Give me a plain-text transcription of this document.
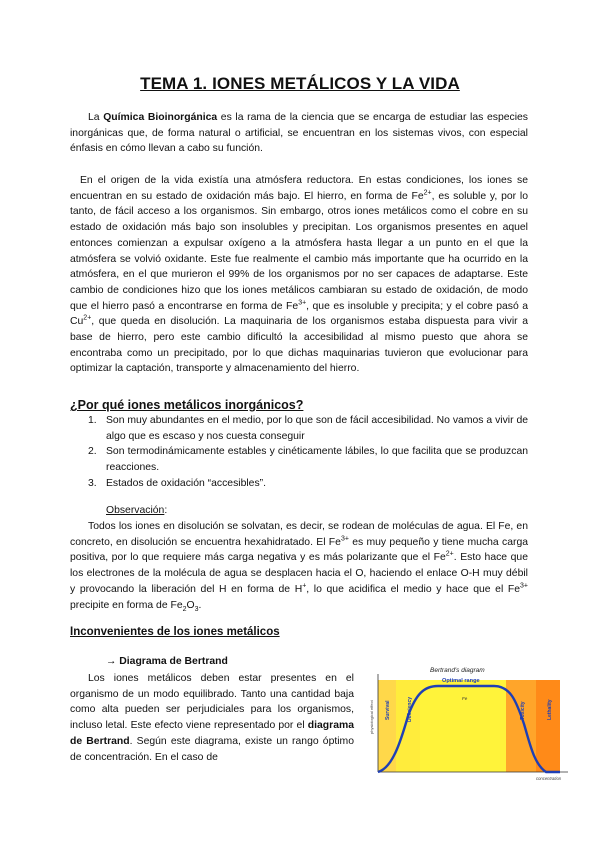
TEMA 1. IONES METÁLICOS Y LA VIDA

La Química Bioinorgánica es la rama de la ciencia que se encarga de estudiar las especies inorgánicas que, de forma natural o artificial, se encuentran en los sistemas vivos, con especial énfasis en cómo llevan a cabo su función.

En el origen de la vida existía una atmósfera reductora. En estas condiciones, los iones se encuentran en su estado de oxidación más bajo. El hierro, en forma de $Fe^{2+}$, es soluble y, por lo tanto, de fácil acceso a los organismos. Sin embargo, otros iones metálicos como el cobre en su estado de oxidación más bajo son insolubles y precipitan. Los organismos presentes en aquel entonces comienzan a expulsar oxígeno a la atmósfera hasta llegar a un punto en el que la atmósfera se volvió oxidante. Este fue realmente el cambio más importante que ha ocurrido en la atmósfera, en el que murieron el 99% de los organismos por no ser capaces de adaptarse. Este cambio de condiciones hizo que los iones metálicos cambiaran su estado de oxidación, de modo que el hierro pasó a encontrarse en forma de $Fe^{3+}$, que es insoluble y precipita; y el cobre pasó a $Cu^{2+}$, que queda en disolución. La maquinaria de los organismos estaba dispuesta para vivir a base de hierro, pero este cambio dificultó la accesibilidad al mismo puesto que ahora se encontraba como un precipitado, por lo que dichas maquinarias tuvieron que evolucionar para optimizar la captación, transporte y almacenamiento del hierro.

¿Por qué iones metálicos inorgánicos?
1. Son muy abundantes en el medio, por lo que son de fácil accesibilidad. No vamos a vivir de algo que es escaso y nos cuesta conseguir
2. Son termodinámicamente estables y cinéticamente lábiles, lo que facilita que se produzcan reacciones.
3. Estados de oxidación “accesibles”.
Observación:

Todos los iones en disolución se solvatan, es decir, se rodean de moléculas de agua. El Fe, en concreto, en disolución se encuentra hexahidratado. El $Fe^{3+}$ es muy pequeño y tiene mucha carga positiva, por lo que requiere más carga negativa y es más polarizante que el $Fe^{2+}$. Esto hace que los electrones de la molécula de agua se desplacen hacia el O, haciendo el enlace O-H muy débil y provocando la liberación del H en forma de H+, lo que acidifica el medio y hace que el $Fe^{3+}$ precipite en forma de $Fe_2O_3$.

Inconvenientes de los iones metálicos
→ Diagrama de Bertrand

Los iones metálicos deben estar presentes en el organismo de un modo equilibrado. Tanto una cantidad baja como alta pueden ser perjudiciales para los organismos, incluso letal. Este efecto viene representado por el diagrama de Bertrand. Según este diagrama, existe un rango óptimo de concentración. En el caso de

Bertrand's diagram
physiological effect Survival	Deficiency
Optimal range
Fe
Toxicity	Lethality
concentration
